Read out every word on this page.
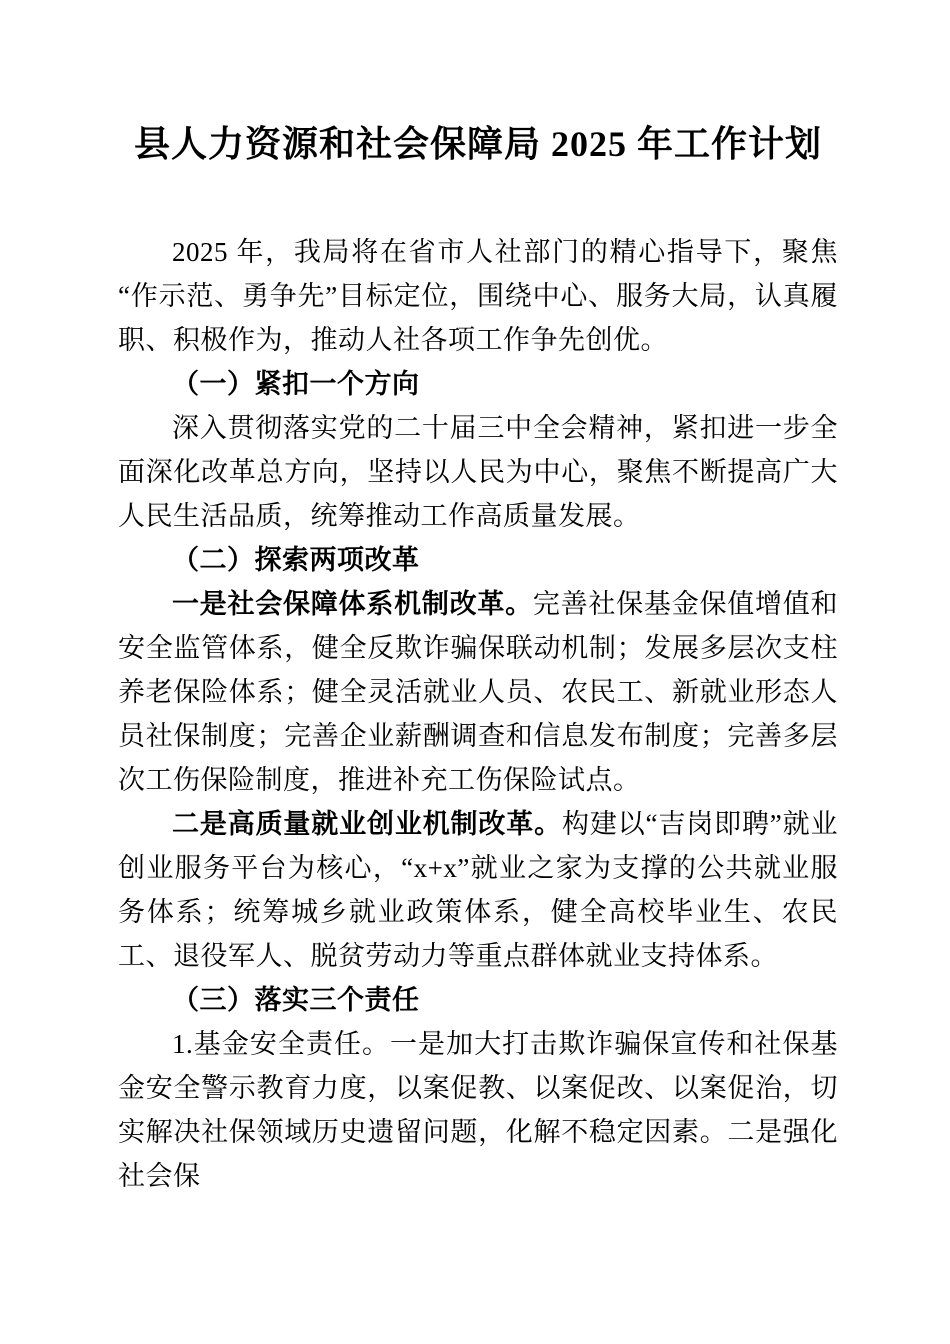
县人力资源和社会保障局 2025 年工作计划

2025 年，我局将在省市人社部门的精心指导下，聚焦“作示范、勇争先”目标定位，围绕中心、服务大局，认真履职、积极作为，推动人社各项工作争先创优。

（一）紧扣一个方向

深入贯彻落实党的二十届三中全会精神，紧扣进一步全面深化改革总方向，坚持以人民为中心，聚焦不断提高广大人民生活品质，统筹推动工作高质量发展。

（二）探索两项改革

一是社会保障体系机制改革。完善社保基金保值增值和安全监管体系，健全反欺诈骗保联动机制；发展多层次支柱养老保险体系；健全灵活就业人员、农民工、新就业形态人员社保制度；完善企业薪酬调查和信息发布制度；完善多层次工伤保险制度，推进补充工伤保险试点。

二是高质量就业创业机制改革。构建以“吉岗即聘”就业创业服务平台为核心，“x+x”就业之家为支撑的公共就业服务体系；统筹城乡就业政策体系，健全高校毕业生、农民工、退役军人、脱贫劳动力等重点群体就业支持体系。

（三）落实三个责任

1.基金安全责任。一是加大打击欺诈骗保宣传和社保基金安全警示教育力度，以案促教、以案促改、以案促治，切实解决社保领域历史遗留问题，化解不稳定因素。二是强化社会保
